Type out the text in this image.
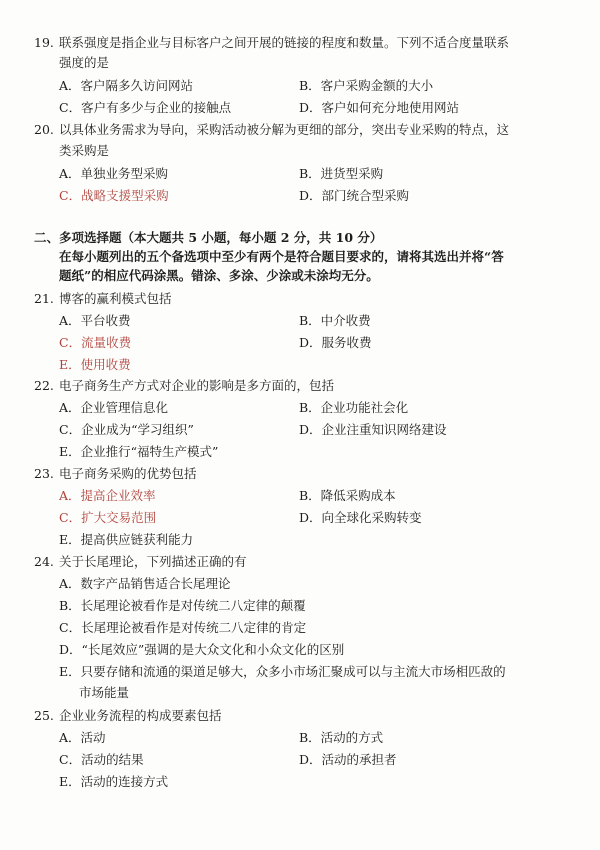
19. 联系强度是指企业与目标客户之间开展的链接的程度和数量。下列不适合度量联系
强度的是
A．客户隔多久访问网站	B．客户采购金额的大小
C．客户有多少与企业的接触点	D．客户如何充分地使用网站
20. 以具体业务需求为导向，采购活动被分解为更细的部分，突出专业采购的特点，这
类采购是
A．单独业务型采购	B．进货型采购
C．战略支援型采购	D．部门统合型采购
二、多项选择题（本大题共 5 小题，每小题 2 分，共 10 分）
在每小题列出的五个备选项中至少有两个是符合题目要求的，请将其选出并将“答
题纸”的相应代码涂黑。错涂、多涂、少涂或未涂均无分。
21. 博客的赢利模式包括
A．平台收费	B．中介收费
C．流量收费	D．服务收费
E．使用收费
22. 电子商务生产方式对企业的影响是多方面的，包括
A．企业管理信息化	B．企业功能社会化
C．企业成为“学习组织”	D．企业注重知识网络建设
E．企业推行“福特生产模式”
23. 电子商务采购的优势包括
A．提高企业效率	B．降低采购成本
C．扩大交易范围	D．向全球化采购转变
E．提高供应链获利能力
24. 关于长尾理论，下列描述正确的有
A．数字产品销售适合长尾理论
B．长尾理论被看作是对传统二八定律的颠覆
C．长尾理论被看作是对传统二八定律的肯定
D．“长尾效应”强调的是大众文化和小众文化的区别
E．只要存储和流通的渠道足够大，众多小市场汇聚成可以与主流大市场相匹敌的
市场能量
25. 企业业务流程的构成要素包括
A．活动	B．活动的方式
C．活动的结果	D．活动的承担者
E．活动的连接方式
